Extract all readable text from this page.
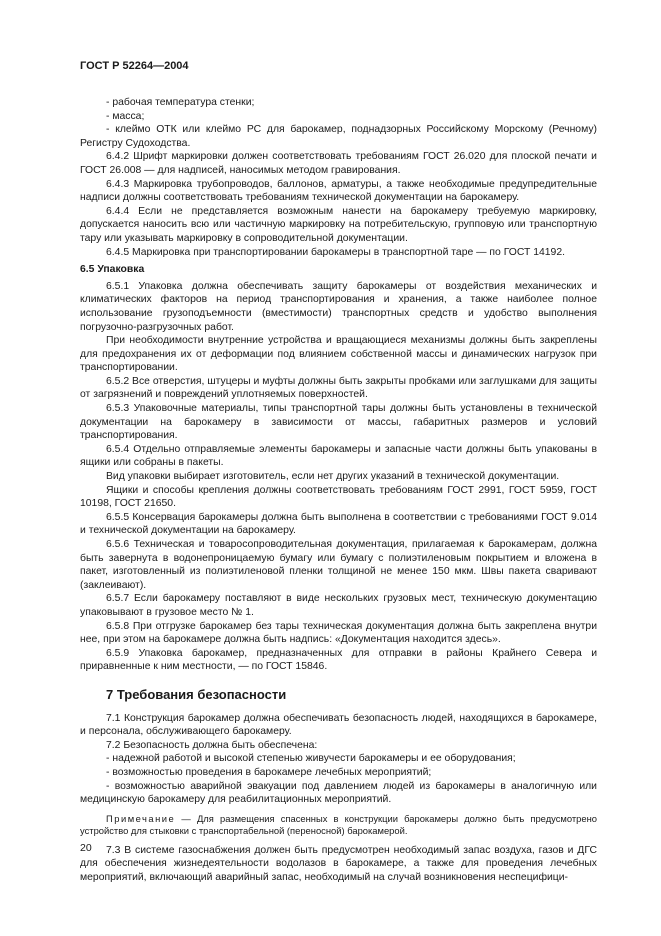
ГОСТ Р 52264—2004

- рабочая температура стенки;

- масса;

- клеймо ОТК или клеймо РС для барокамер, поднадзорных Российскому Морскому (Речному) Регистру Судоходства.

6.4.2 Шрифт маркировки должен соответствовать требованиям ГОСТ 26.020 для плоской печати и ГОСТ 26.008 — для надписей, наносимых методом гравирования.

6.4.3 Маркировка трубопроводов, баллонов, арматуры, а также необходимые предупредительные надписи должны соответствовать требованиям технической документации на барокамеру.

6.4.4 Если не представляется возможным нанести на барокамеру требуемую маркировку, допускается наносить всю или частичную маркировку на потребительскую, групповую или транспортную тару или указывать маркировку в сопроводительной документации.

6.4.5 Маркировка при транспортировании барокамеры в транспортной таре — по ГОСТ 14192.

6.5 Упаковка

6.5.1 Упаковка должна обеспечивать защиту барокамеры от воздействия механических и климатических факторов на период транспортирования и хранения, а также наиболее полное использование грузоподъемности (вместимости) транспортных средств и удобство выполнения погрузочно-разгрузочных работ.

При необходимости внутренние устройства и вращающиеся механизмы должны быть закреплены для предохранения их от деформации под влиянием собственной массы и динамических нагрузок при транспортировании.

6.5.2 Все отверстия, штуцеры и муфты должны быть закрыты пробками или заглушками для защиты от загрязнений и повреждений уплотняемых поверхностей.

6.5.3 Упаковочные материалы, типы транспортной тары должны быть установлены в технической документации на барокамеру в зависимости от массы, габаритных размеров и условий транспортирования.

6.5.4 Отдельно отправляемые элементы барокамеры и запасные части должны быть упакованы в ящики или собраны в пакеты.

Вид упаковки выбирает изготовитель, если нет других указаний в технической документации.

Ящики и способы крепления должны соответствовать требованиям ГОСТ 2991, ГОСТ 5959, ГОСТ 10198, ГОСТ 21650.

6.5.5 Консервация барокамеры должна быть выполнена в соответствии с требованиями ГОСТ 9.014 и технической документации на барокамеру.

6.5.6 Техническая и товаросопроводительная документация, прилагаемая к барокамерам, должна быть завернута в водонепроницаемую бумагу или бумагу с полиэтиленовым покрытием и вложена в пакет, изготовленный из полиэтиленовой пленки толщиной не менее 150 мкм. Швы пакета сваривают (заклеивают).

6.5.7 Если барокамеру поставляют в виде нескольких грузовых мест, техническую документацию упаковывают в грузовое место № 1.

6.5.8 При отгрузке барокамер без тары техническая документация должна быть закреплена внутри нее, при этом на барокамере должна быть надпись: «Документация находится здесь».

6.5.9 Упаковка барокамер, предназначенных для отправки в районы Крайнего Севера и приравненные к ним местности, — по ГОСТ 15846.

7 Требования безопасности

7.1 Конструкция барокамер должна обеспечивать безопасность людей, находящихся в барокамере, и персонала, обслуживающего барокамеру.

7.2 Безопасность должна быть обеспечена:

- надежной работой и высокой степенью живучести барокамеры и ее оборудования;

- возможностью проведения в барокамере лечебных мероприятий;

- возможностью аварийной эвакуации под давлением людей из барокамеры в аналогичную или медицинскую барокамеру для реабилитационных мероприятий.

Примечание — Для размещения спасенных в конструкции барокамеры должно быть предусмотрено устройство для стыковки с транспортабельной (переносной) барокамерой.

7.3 В системе газоснабжения должен быть предусмотрен необходимый запас воздуха, газов и ДГС для обеспечения жизнедеятельности водолазов в барокамере, а также для проведения лечебных мероприятий, включающий аварийный запас, необходимый на случай возникновения неспецифици-

20
